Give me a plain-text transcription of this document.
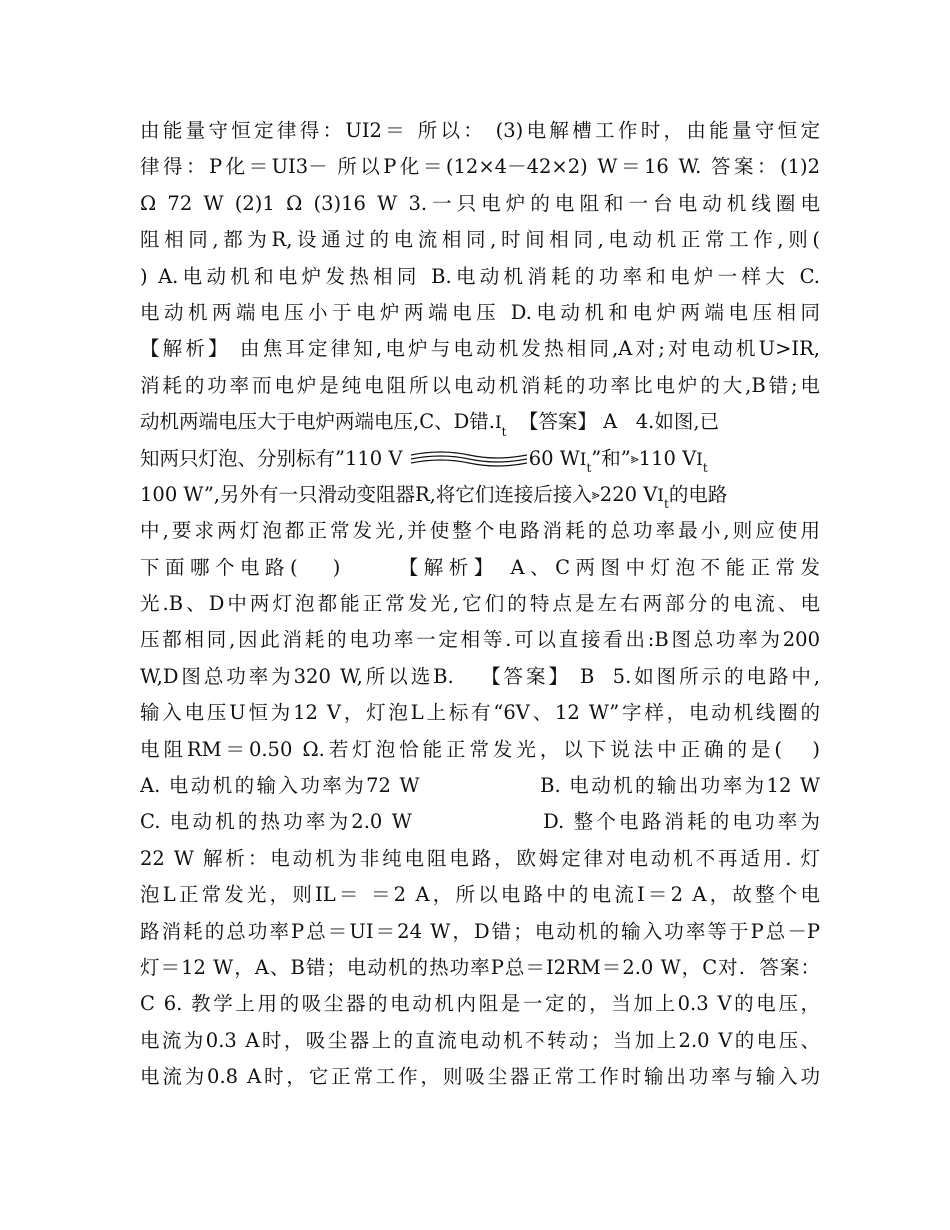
由能量守恒定律得：UI2＝ 所以： (3)电解槽工作时，由能量守恒定
律得：P化＝UI3－ 所以P化＝(12×4－42×2) W＝16 W. 答案：(1)2
Ω 72 W (2)1 Ω (3)16 W 3.一只电炉的电阻和一台电动机线圈电
阻相同,都为R,设通过的电流相同,时间相同,电动机正常工作,则(
) A.电动机和电炉发热相同 B.电动机消耗的功率和电炉一样大 C.
电动机两端电压小于电炉两端电压 D.电动机和电炉两端电压相同
【解析】 由焦耳定律知,电炉与电动机发热相同,A对;对电动机U>IR,
消耗的功率而电炉是纯电阻所以电动机消耗的功率比电炉的大,B错;电
动机两端电压大于电炉两端电压,C、D错$.I_t$  【答案】 A   4.如图,已
知两只灯泡、分别标有”110 V	60 $WI_t$”和”⪢110 $VI_t$
100 W”,另外有一只滑动变阻器R,将它们连接后接入⪢220 $VI_t$的电路
中,要求两灯泡都正常发光,并使整个电路消耗的总功率最小,则应使用
下面哪个电路(   )     【解析】 A、C两图中灯泡不能正常发
光.B、D中两灯泡都能正常发光,它们的特点是左右两部分的电流、电
压都相同,因此消耗的电功率一定相等.可以直接看出:B图总功率为200
W,D图总功率为320 W,所以选B.   【答案】 B  5.如图所示的电路中,
输入电压U恒为12 V，灯泡L上标有“6V、12 W”字样，电动机线圈的
电阻RM＝0.50 Ω.若灯泡恰能正常发光，以下说法中正确的是(   )
A. 电动机的输入功率为72 W              B. 电动机的输出功率为12 W
C. 电动机的热功率为2.0 W              D. 整个电路消耗的电功率为
22 W 解析：电动机为非纯电阻电路，欧姆定律对电动机不再适用. 灯
泡L正常发光，则IL＝ ＝2 A，所以电路中的电流I＝2 A，故整个电
路消耗的总功率P总＝UI＝24 W，D错；电动机的输入功率等于P总－P
灯＝12 W，A、B错；电动机的热功率P总＝I2RM＝2.0 W，C对.  答案：
C 6. 教学上用的吸尘器的电动机内阻是一定的，当加上0.3 V的电压，
电流为0.3 A时，吸尘器上的直流电动机不转动；当加上2.0 V的电压、
电流为0.8 A时，它正常工作，则吸尘器正常工作时输出功率与输入功
